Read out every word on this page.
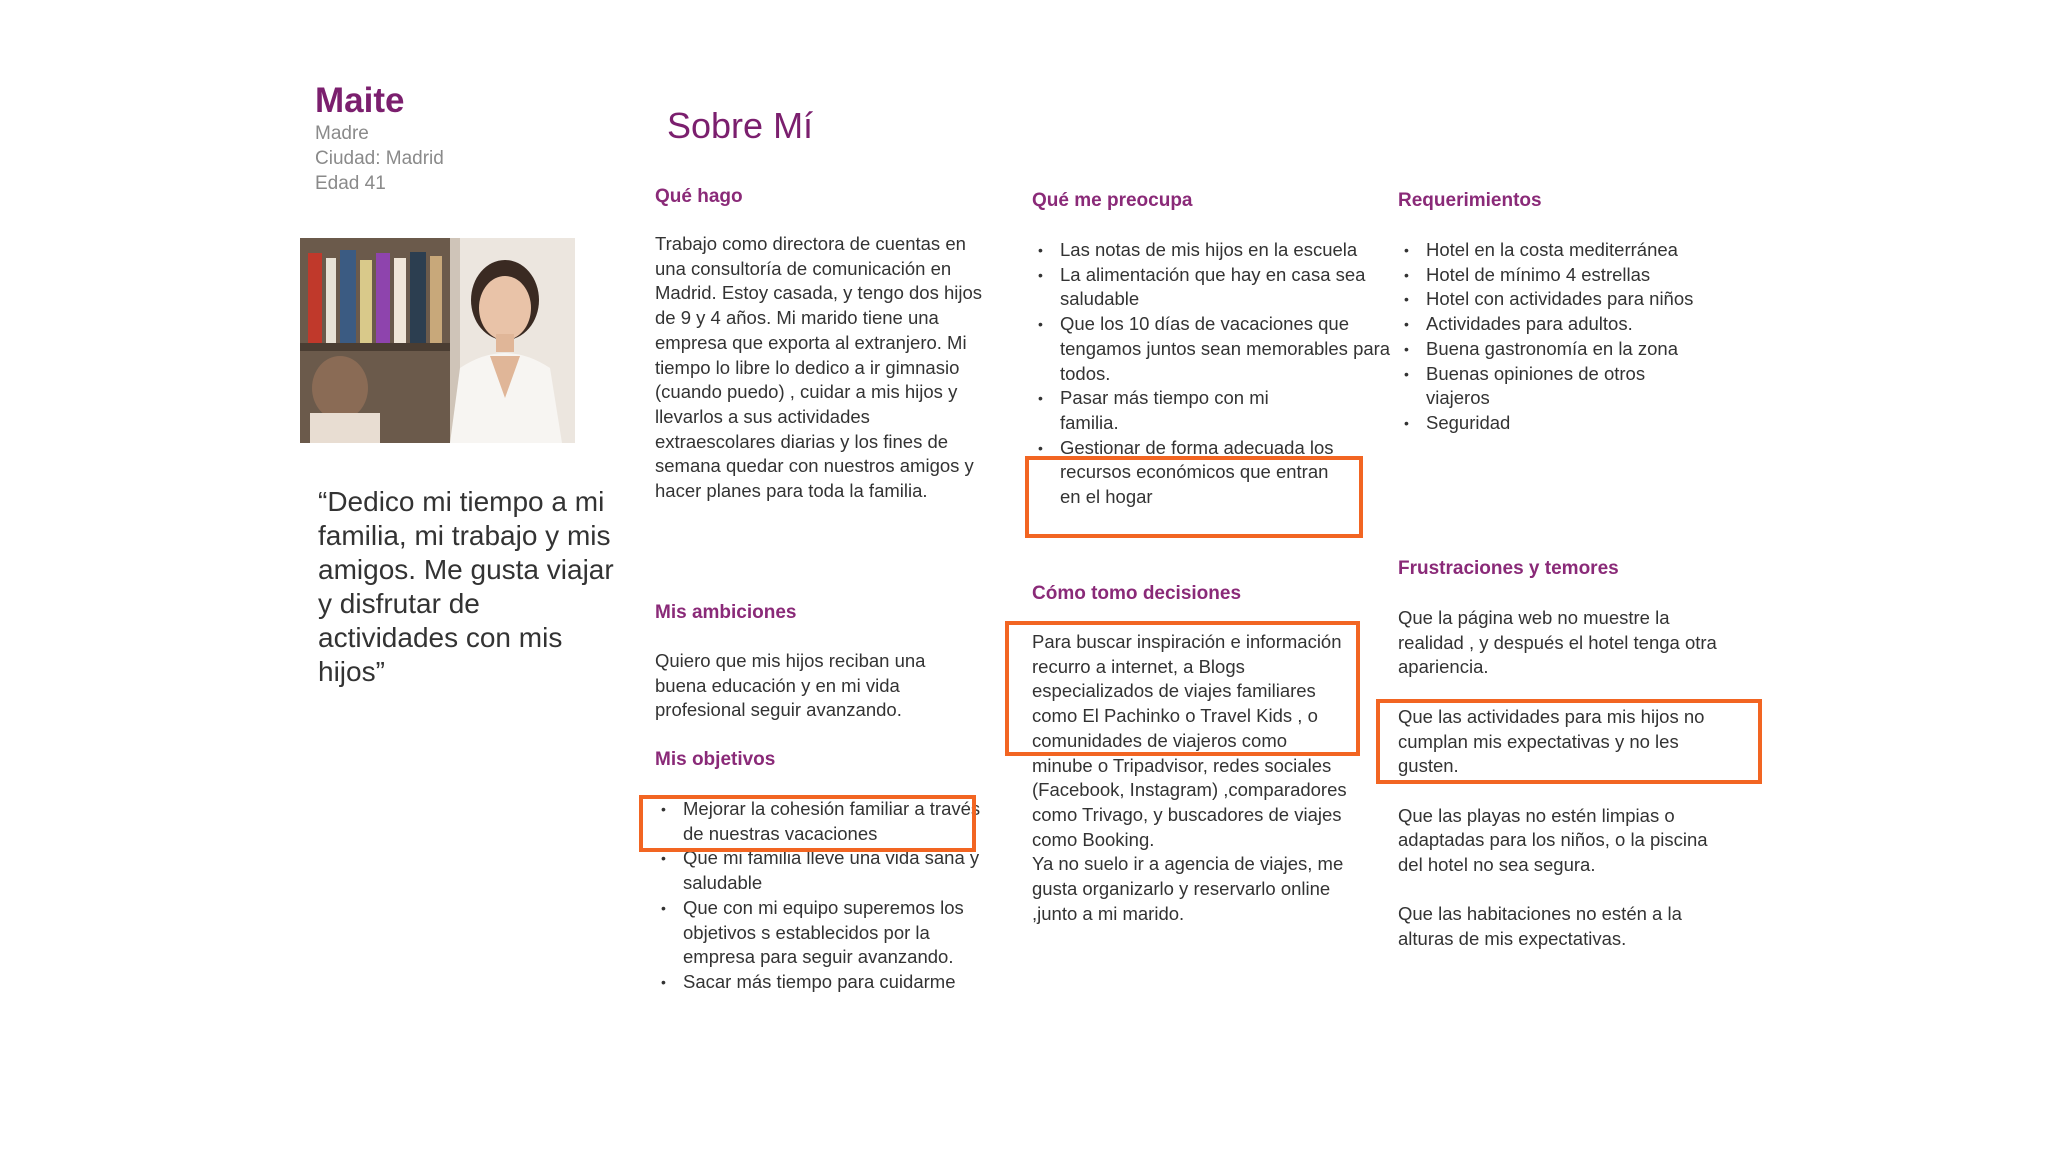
Maite
Madre
Ciudad: Madrid
Edad 41
“Dedico mi tiempo a mi familia, mi trabajo y mis amigos. Me gusta viajar y disfrutar de actividades con mis hijos”
Sobre Mí
Qué hago
Trabajo como directora de cuentas en una consultoría de comunicación en Madrid. Estoy casada, y tengo dos hijos de 9 y 4 años. Mi marido tiene una empresa que exporta al extranjero. Mi tiempo lo libre lo dedico a ir gimnasio (cuando puedo) , cuidar a mis hijos y llevarlos a sus actividades extraescolares diarias y los fines de semana quedar con nuestros amigos y hacer planes para toda la familia.
Mis ambiciones
Quiero que mis hijos reciban una buena educación y en mi vida profesional seguir avanzando.
Mis objetivos
• Mejorar la cohesión familiar a través de nuestras vacaciones
• Que mi familia lleve una vida sana y saludable
• Que con mi equipo superemos los objetivos s establecidos por la empresa para seguir avanzando.
• Sacar más tiempo para cuidarme
Qué me preocupa
• Las notas de mis hijos en la escuela
• La alimentación que hay en casa sea saludable
• Que los 10 días de vacaciones que tengamos juntos sean memorables para todos.
• Pasar más tiempo con mi familia.
• Gestionar de forma adecuada los recursos económicos que entran en el hogar
Cómo tomo decisiones
Para buscar inspiración e información recurro a internet, a Blogs especializados de viajes familiares como El Pachinko o Travel Kids , o comunidades de viajeros como minube o Tripadvisor, redes sociales (Facebook, Instagram) ,comparadores como Trivago, y buscadores de viajes como Booking.
Ya no suelo ir a agencia de viajes, me gusta organizarlo y reservarlo online ,junto a mi marido.
Requerimientos
• Hotel en la costa mediterránea
• Hotel de mínimo 4 estrellas
• Hotel con actividades para niños
• Actividades para adultos.
• Buena gastronomía en la zona
• Buenas opiniones de otros viajeros
• Seguridad
Frustraciones y temores
Que la página web no muestre la realidad , y después el hotel tenga otra apariencia.
Que las actividades para mis hijos no cumplan mis expectativas y no les gusten.
Que las playas no estén limpias o adaptadas para los niños, o la piscina del hotel no sea segura.
Que las habitaciones no estén a la alturas de mis expectativas.
